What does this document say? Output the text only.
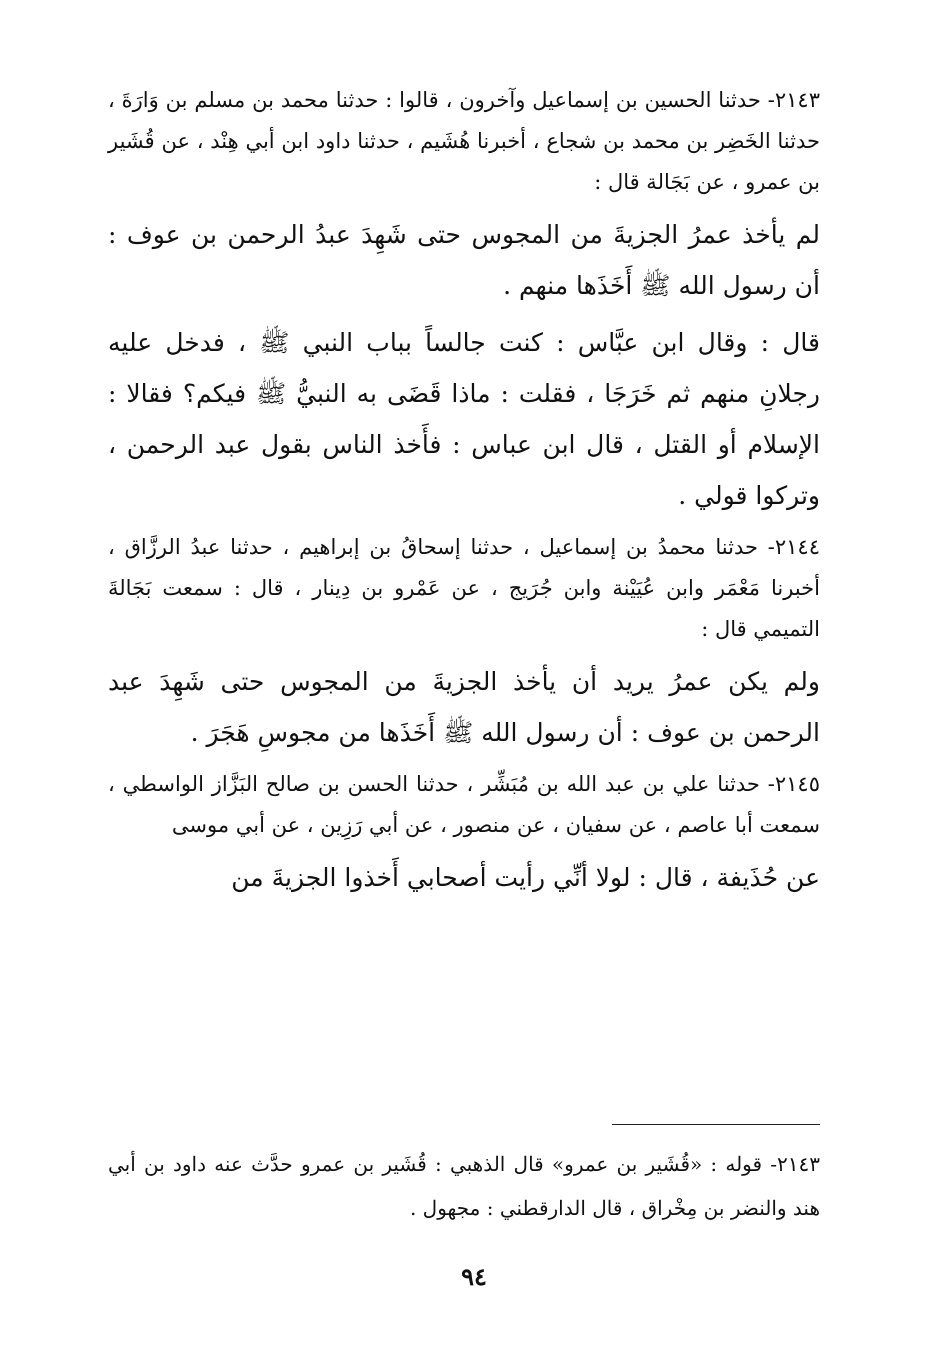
٢١٤٣- حدثنا الحسين بن إسماعيل وآخرون ، قالوا : حدثنا محمد بن مسلم بن وَارَةَ ، حدثنا الخَضِر بن محمد بن شجاع ، أخبرنا هُشَيم ، حدثنا داود ابن أبي هِنْد ، عن قُشَير بن عمرو ، عن بَجَالة قال :

لم يأخذ عمرُ الجزيةَ من المجوس حتى شَهِدَ عبدُ الرحمن بن عوف : أن رسول الله ﷺ أَخَذَها منهم .

قال : وقال ابن عبَّاس : كنت جالساً بباب النبي ﷺ ، فدخل عليه رجلانِ منهم ثم خَرَجَا ، فقلت : ماذا قَضَى به النبيُّ ﷺ فيكم؟ فقالا : الإسلام أو القتل ، قال ابن عباس : فأَخذ الناس بقول عبد الرحمن ، وتركوا قولي .

٢١٤٤- حدثنا محمدُ بن إسماعيل ، حدثنا إسحاقُ بن إبراهيم ، حدثنا عبدُ الرزَّاق ، أخبرنا مَعْمَر وابن عُيَيْنة وابن جُرَيج ، عن عَمْرو بن دِينار ، قال : سمعت بَجَالةَ التميمي قال :

ولم يكن عمرُ يريد أن يأخذ الجزيةَ من المجوس حتى شَهِدَ عبد الرحمن بن عوف : أن رسول الله ﷺ أَخَذَها من مجوسِ هَجَرَ .

٢١٤٥- حدثنا علي بن عبد الله بن مُبَشِّر ، حدثنا الحسن بن صالح البَزَّاز الواسطي ، سمعت أبا عاصم ، عن سفيان ، عن منصور ، عن أبي رَزِين ، عن أبي موسى

عن حُذَيفة ، قال : لولا أنِّي رأيت أصحابي أَخذوا الجزيةَ من

٢١٤٣- قوله : «قُشَير بن عمرو» قال الذهبي : قُشَير بن عمرو حدَّث عنه داود بن أبي هند والنضر بن مِخْراق ، قال الدارقطني : مجهول .

٩٤
